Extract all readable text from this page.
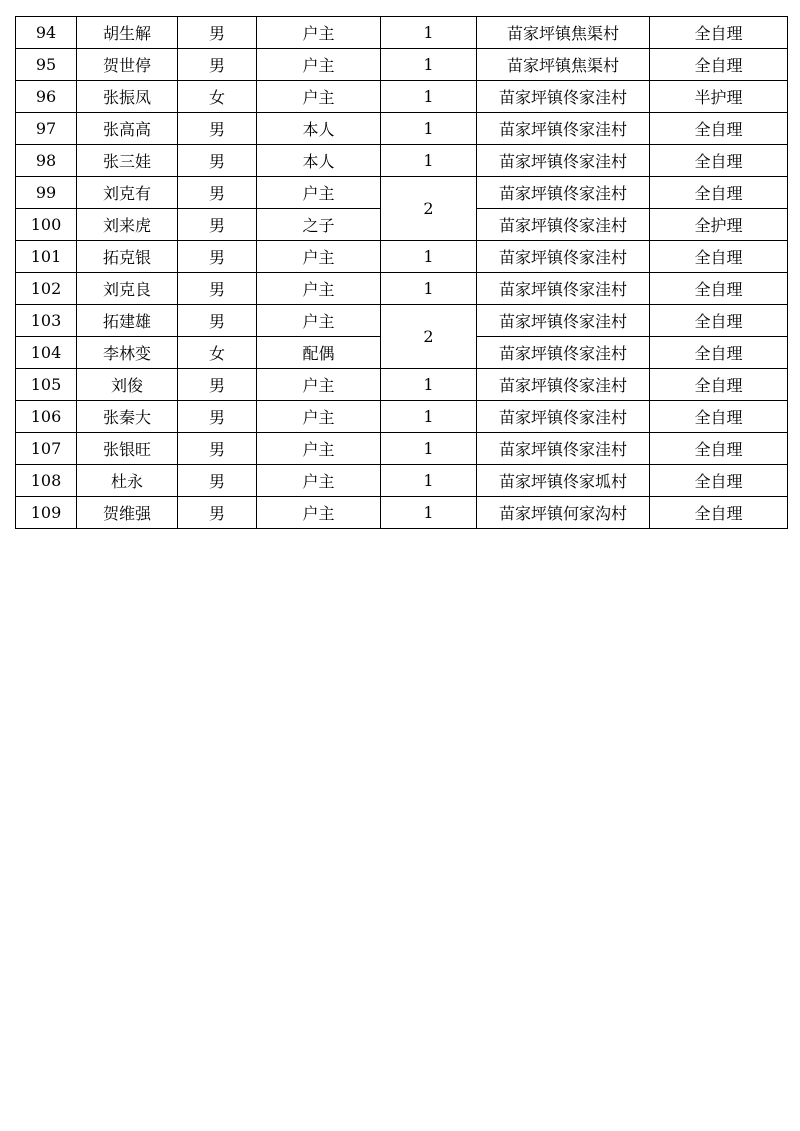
94	胡生解	男	户主	1	苗家坪镇焦渠村	全自理
95	贺世停	男	户主	1	苗家坪镇焦渠村	全自理
96	张振凤	女	户主	1	苗家坪镇佟家洼村	半护理
97	张高高	男	本人	1	苗家坪镇佟家洼村	全自理
98	张三娃	男	本人	1	苗家坪镇佟家洼村	全自理
99	刘克有	男	户主	2	苗家坪镇佟家洼村	全自理
100	刘来虎	男	之子		苗家坪镇佟家洼村	全护理
101	拓克银	男	户主	1	苗家坪镇佟家洼村	全自理
102	刘克良	男	户主	1	苗家坪镇佟家洼村	全自理
103	拓建雄	男	户主	2	苗家坪镇佟家洼村	全自理
104	李林变	女	配偶		苗家坪镇佟家洼村	全自理
105	刘俊	男	户主	1	苗家坪镇佟家洼村	全自理
106	张秦大	男	户主	1	苗家坪镇佟家洼村	全自理
107	张银旺	男	户主	1	苗家坪镇佟家洼村	全自理
108	杜永	男	户主	1	苗家坪镇佟家坬村	全自理
109	贺维强	男	户主	1	苗家坪镇何家沟村	全自理
